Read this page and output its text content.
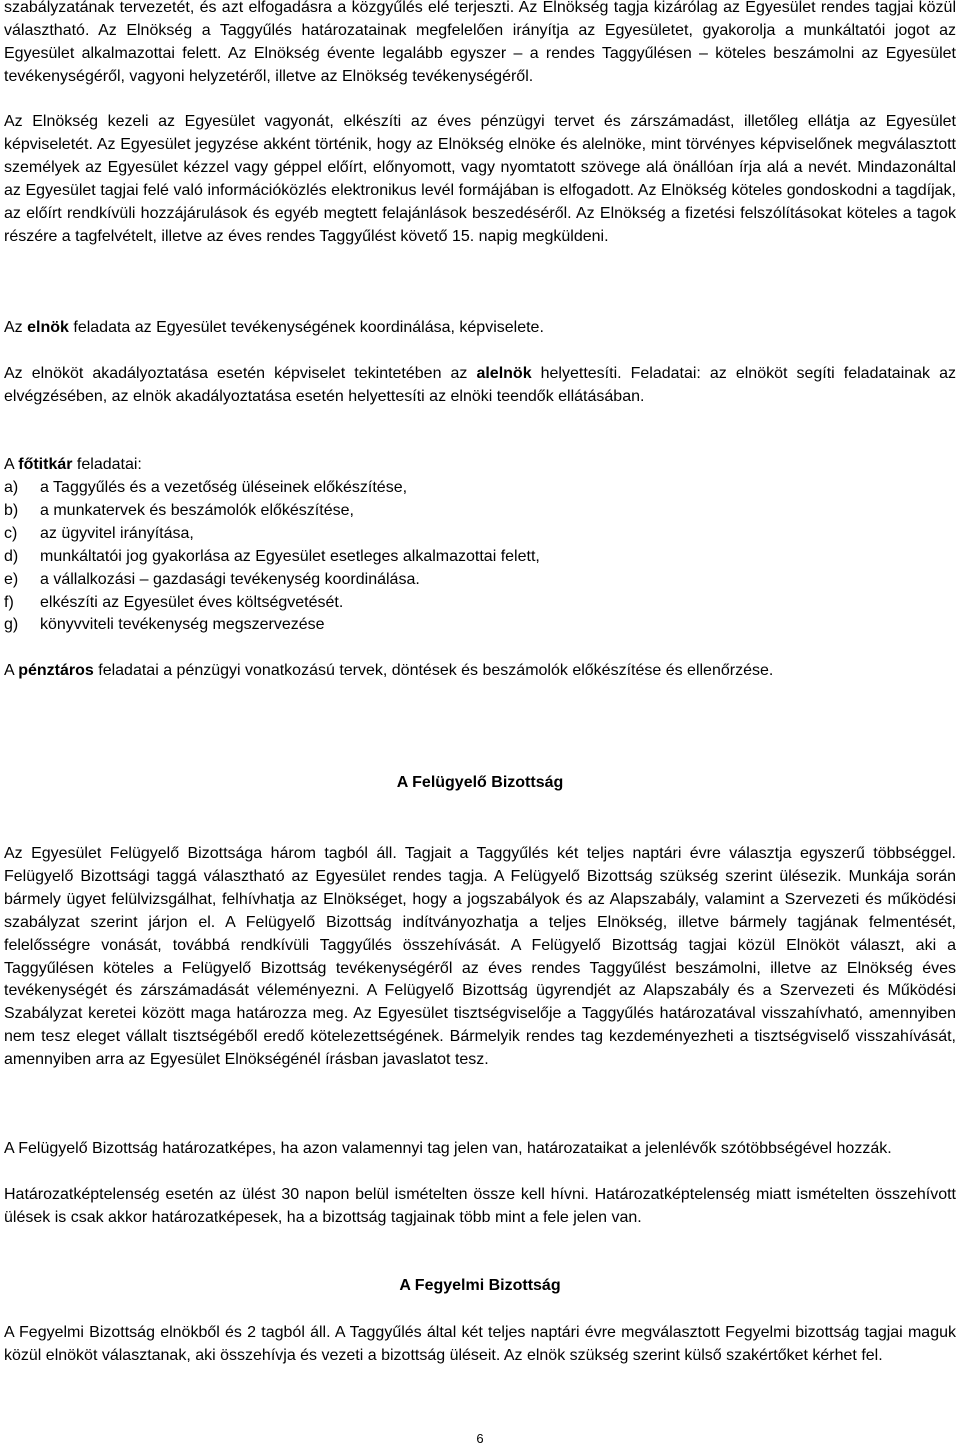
szabályzatának tervezetét, és azt elfogadásra a közgyűlés elé terjeszti. Az Elnökség tagja kizárólag az Egyesület rendes tagjai közül választható. Az Elnökség a Taggyűlés határozatainak megfelelően irányítja az Egyesületet, gyakorolja a munkáltatói jogot az Egyesület alkalmazottai felett. Az Elnökség évente legalább egyszer – a rendes Taggyűlésen – köteles beszámolni az Egyesület tevékenységéről, vagyoni helyzetéről, illetve az Elnökség tevékenységéről.

Az Elnökség kezeli az Egyesület vagyonát, elkészíti az éves pénzügyi tervet és zárszámadást, illetőleg ellátja az Egyesület képviseletét. Az Egyesület jegyzése akként történik, hogy az Elnökség elnöke és alelnöke, mint törvényes képviselőnek megválasztott személyek az Egyesület kézzel vagy géppel előírt, előnyomott, vagy nyomtatott szövege alá önállóan írja alá a nevét. Mindazonáltal az Egyesület tagjai felé való információközlés elektronikus levél formájában is elfogadott. Az Elnökség köteles gondoskodni a tagdíjak, az előírt rendkívüli hozzájárulások és egyéb megtett felajánlások beszedéséről. Az Elnökség a fizetési felszólításokat köteles a tagok részére a tagfelvételt, illetve az éves rendes Taggyűlést követő 15. napig megküldeni.

Az elnök feladata az Egyesület tevékenységének koordinálása, képviselete.

Az elnököt akadályoztatása esetén képviselet tekintetében az alelnök helyettesíti. Feladatai: az elnököt segíti feladatainak az elvégzésében, az elnök akadályoztatása esetén helyettesíti az elnöki teendők ellátásában.

A főtitkár feladatai:

a)	a Taggyűlés és a vezetőség üléseinek előkészítése,
b)	a munkatervek és beszámolók előkészítése,
c)	az ügyvitel irányítása,
d)	munkáltatói jog gyakorlása az Egyesület esetleges alkalmazottai felett,
e)	a vállalkozási – gazdasági tevékenység koordinálása.
f)	elkészíti az Egyesület éves költségvetését.
g)	könyvviteli tevékenység megszervezése

A pénztáros feladatai a pénzügyi vonatkozású tervek, döntések és beszámolók előkészítése és ellenőrzése.

A Felügyelő Bizottság

Az Egyesület Felügyelő Bizottsága három tagból áll. Tagjait a Taggyűlés két teljes naptári évre választja egyszerű többséggel. Felügyelő Bizottsági taggá választható az Egyesület rendes tagja. A Felügyelő Bizottság szükség szerint ülésezik. Munkája során bármely ügyet felülvizsgálhat, felhívhatja az Elnökséget, hogy a jogszabályok és az Alapszabály, valamint a Szervezeti és működési szabályzat szerint járjon el. A Felügyelő Bizottság indítványozhatja a teljes Elnökség, illetve bármely tagjának felmentését, felelősségre vonását, továbbá rendkívüli Taggyűlés összehívását. A Felügyelő Bizottság tagjai közül Elnököt választ, aki a Taggyűlésen köteles a Felügyelő Bizottság tevékenységéről az éves rendes Taggyűlést beszámolni, illetve az Elnökség éves tevékenységét és zárszámadását véleményezni. A Felügyelő Bizottság ügyrendjét az Alapszabály és a Szervezeti és Működési Szabályzat keretei között maga határozza meg. Az Egyesület tisztségviselője a Taggyűlés határozatával visszahívható, amennyiben nem tesz eleget vállalt tisztségéből eredő kötelezettségének. Bármelyik rendes tag kezdeményezheti a tisztségviselő visszahívását, amennyiben arra az Egyesület Elnökségénél írásban javaslatot tesz.

A Felügyelő Bizottság határozatképes, ha azon valamennyi tag jelen van, határozataikat a jelenlévők szótöbbségével hozzák.

Határozatképtelenség esetén az ülést 30 napon belül ismételten össze kell hívni. Határozatképtelenség miatt ismételten összehívott ülések is csak akkor határozatképesek, ha a bizottság tagjainak több mint a fele jelen van.

A Fegyelmi Bizottság

A Fegyelmi Bizottság elnökből és 2 tagból áll. A Taggyűlés által két teljes naptári évre megválasztott Fegyelmi bizottság tagjai maguk közül elnököt választanak, aki összehívja és vezeti a bizottság üléseit. Az elnök szükség szerint külső szakértőket kérhet fel.

6
